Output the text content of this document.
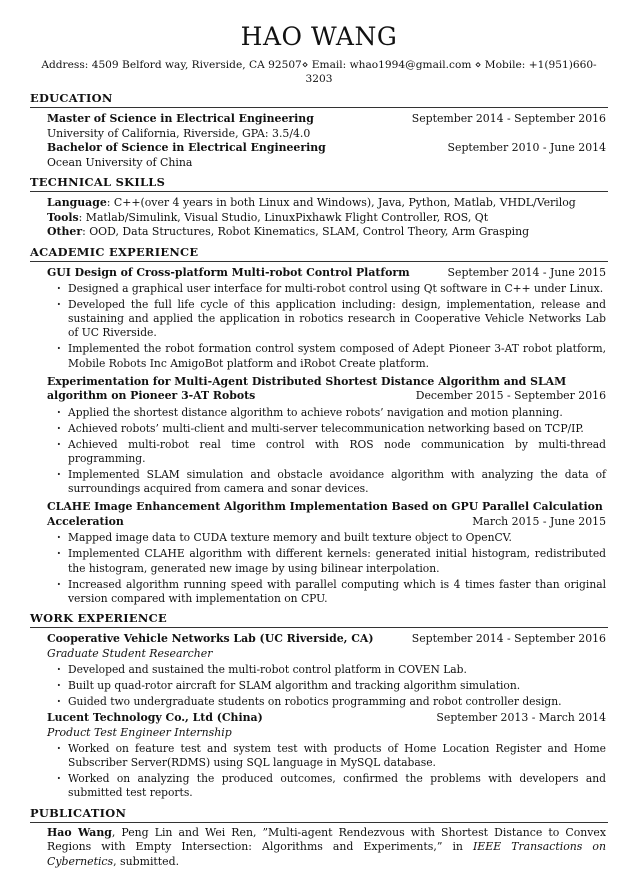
HAO WANG
Address: 4509 Belford way, Riverside, CA 92507⋄ Email: whao1994@gmail.com ⋄ Mobile: +1(951)660-3203
EDUCATION
Master of Science in Electrical Engineering	September 2014 - September 2016
University of California, Riverside, GPA: 3.5/4.0
Bachelor of Science in Electrical Engineering	September 2010 - June 2014
Ocean University of China
TECHNICAL SKILLS
Language: C++(over 4 years in both Linux and Windows), Java, Python, Matlab, VHDL/Verilog
Tools: Matlab/Simulink, Visual Studio, LinuxPixhawk Flight Controller, ROS, Qt
Other: OOD, Data Structures, Robot Kinematics, SLAM, Control Theory, Arm Grasping
ACADEMIC EXPERIENCE
GUI Design of Cross-platform Multi-robot Control Platform	September 2014 - June 2015
· Designed a graphical user interface for multi-robot control using Qt software in C++ under Linux.
· Developed the full life cycle of this application including: design, implementation, release and sustaining and applied the application in robotics research in Cooperative Vehicle Networks Lab of UC Riverside.
· Implemented the robot formation control system composed of Adept Pioneer 3-AT robot platform, Mobile Robots Inc AmigoBot platform and iRobot Create platform.
Experimentation for Multi-Agent Distributed Shortest Distance Algorithm and SLAM algorithm on Pioneer 3-AT Robots	December 2015 - September 2016
· Applied the shortest distance algorithm to achieve robots’ navigation and motion planning.
· Achieved robots’ multi-client and multi-server telecommunication networking based on TCP/IP.
· Achieved multi-robot real time control with ROS node communication by multi-thread programming.
· Implemented SLAM simulation and obstacle avoidance algorithm with analyzing the data of surroundings acquired from camera and sonar devices.
CLAHE Image Enhancement Algorithm Implementation Based on GPU Parallel Calculation Acceleration	March 2015 - June 2015
· Mapped image data to CUDA texture memory and built texture object to OpenCV.
· Implemented CLAHE algorithm with different kernels: generated initial histogram, redistributed the histogram, generated new image by using bilinear interpolation.
· Increased algorithm running speed with parallel computing which is 4 times faster than original version compared with implementation on CPU.
WORK EXPERIENCE
Cooperative Vehicle Networks Lab (UC Riverside, CA)	September 2014 - September 2016
Graduate Student Researcher
· Developed and sustained the multi-robot control platform in COVEN Lab.
· Built up quad-rotor aircraft for SLAM algorithm and tracking algorithm simulation.
· Guided two undergraduate students on robotics programming and robot controller design.
Lucent Technology Co., Ltd (China)	September 2013 - March 2014
Product Test Engineer Internship
· Worked on feature test and system test with products of Home Location Register and Home Subscriber Server(RDMS) using SQL language in MySQL database.
· Worked on analyzing the produced outcomes, confirmed the problems with developers and submitted test reports.
PUBLICATION
Hao Wang, Peng Lin and Wei Ren, ”Multi-agent Rendezvous with Shortest Distance to Convex Regions with Empty Intersection: Algorithms and Experiments,” in IEEE Transactions on Cybernetics, submitted.
